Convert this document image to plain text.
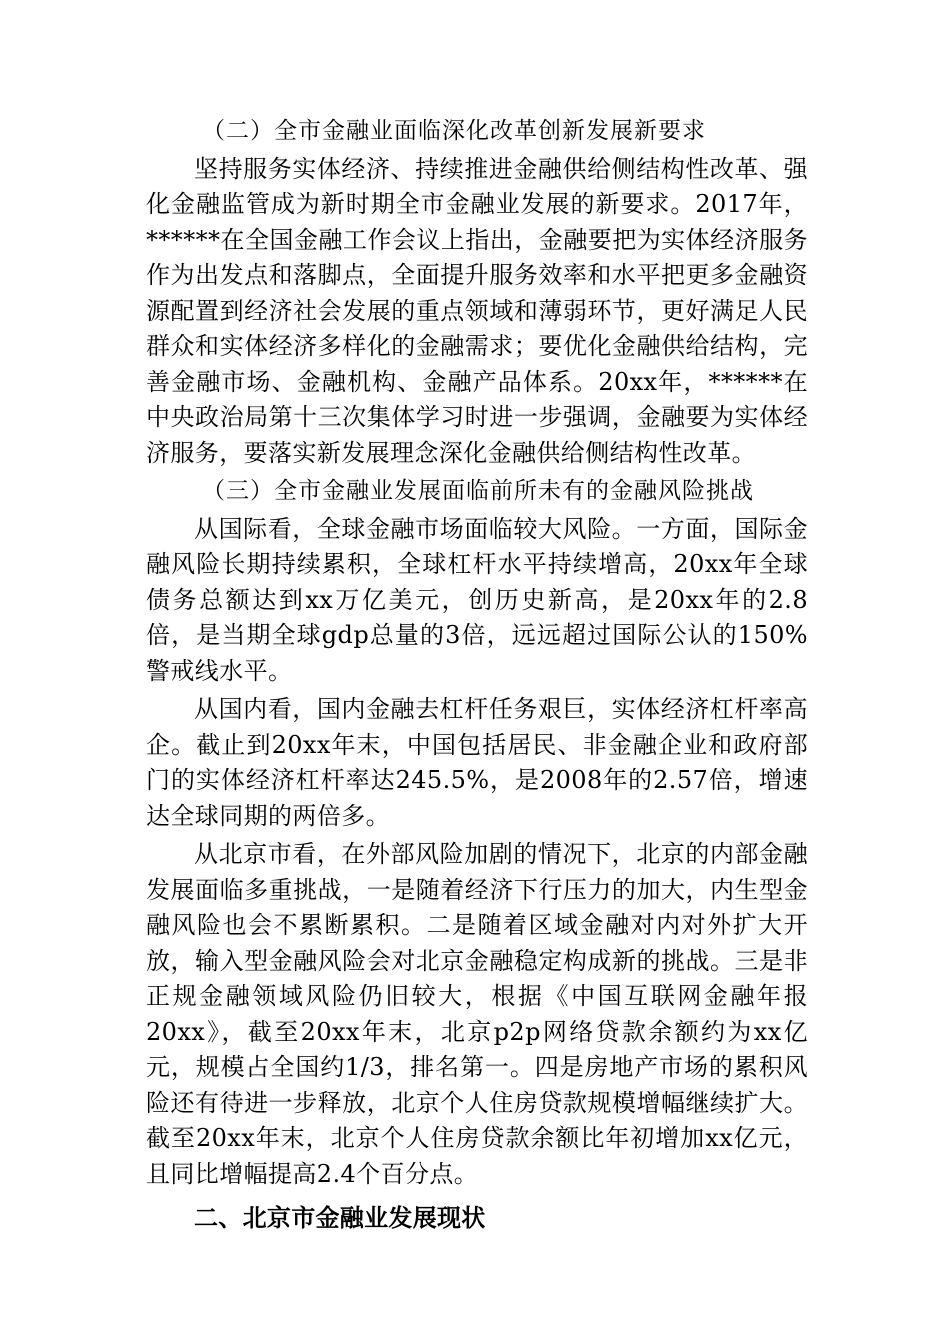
（二）全市金融业面临深化改革创新发展新要求

坚持服务实体经济、持续推进金融供给侧结构性改革、强化金融监管成为新时期全市金融业发展的新要求。2017年，******在全国金融工作会议上指出，金融要把为实体经济服务作为出发点和落脚点，全面提升服务效率和水平把更多金融资源配置到经济社会发展的重点领域和薄弱环节，更好满足人民群众和实体经济多样化的金融需求；要优化金融供给结构，完善金融市场、金融机构、金融产品体系。20xx年，******在中央政治局第十三次集体学习时进一步强调，金融要为实体经济服务，要落实新发展理念深化金融供给侧结构性改革。

（三）全市金融业发展面临前所未有的金融风险挑战

从国际看，全球金融市场面临较大风险。一方面，国际金融风险长期持续累积，全球杠杆水平持续增高，20xx年全球债务总额达到xx万亿美元，创历史新高，是20xx年的2.8倍，是当期全球gdp总量的3倍，远远超过国际公认的150%警戒线水平。

从国内看，国内金融去杠杆任务艰巨，实体经济杠杆率高企。截止到20xx年末，中国包括居民、非金融企业和政府部门的实体经济杠杆率达245.5%，是2008年的2.57倍，增速达全球同期的两倍多。

从北京市看，在外部风险加剧的情况下，北京的内部金融发展面临多重挑战，一是随着经济下行压力的加大，内生型金融风险也会不累断累积。二是随着区域金融对内对外扩大开放，输入型金融风险会对北京金融稳定构成新的挑战。三是非正规金融领域风险仍旧较大，根据《中国互联网金融年报20xx》，截至20xx年末，北京p2p网络贷款余额约为xx亿元，规模占全国约1/3，排名第一。四是房地产市场的累积风险还有待进一步释放，北京个人住房贷款规模增幅继续扩大。截至20xx年末，北京个人住房贷款余额比年初增加xx亿元，且同比增幅提高2.4个百分点。

二、北京市金融业发展现状
